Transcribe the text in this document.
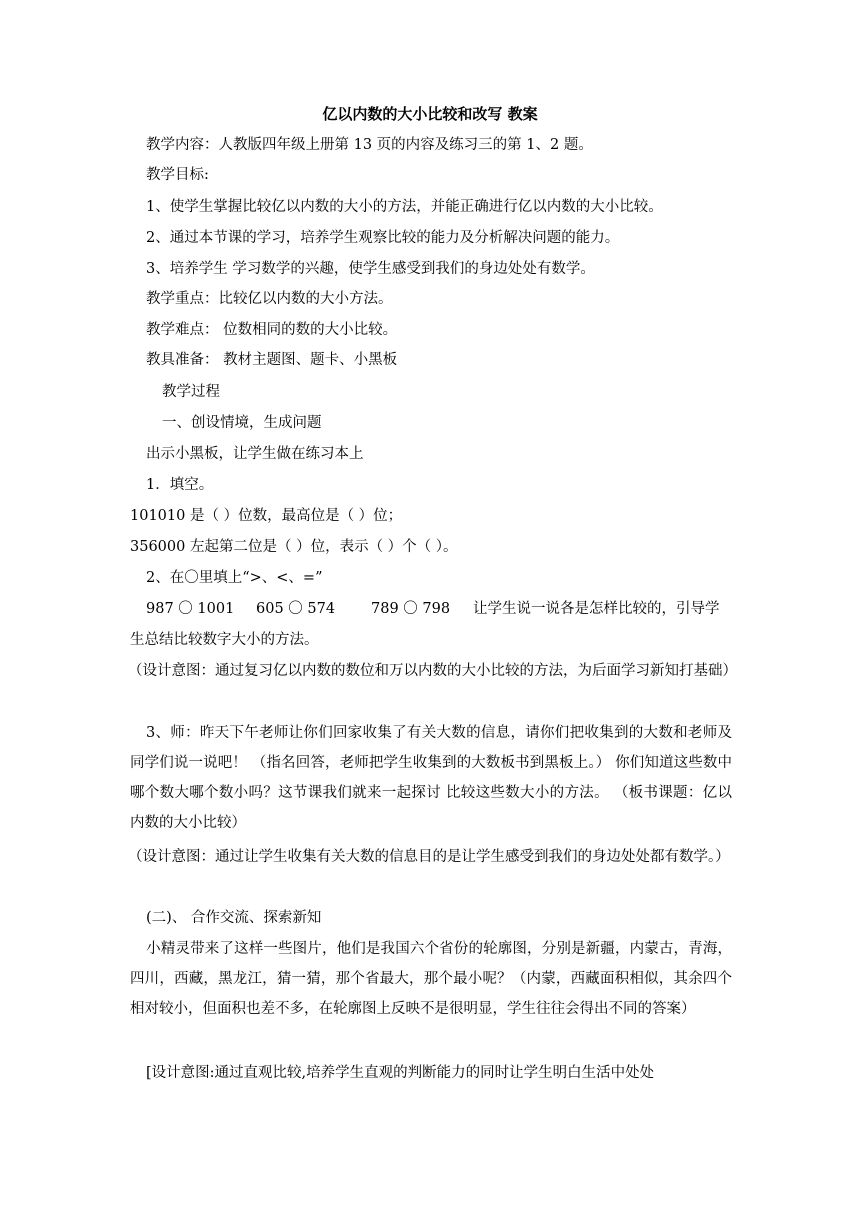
亿以内数的大小比较和改写 教案
教学内容：人教版四年级上册第 13 页的内容及练习三的第 1、2 题。
教学目标:
1、使学生掌握比较亿以内数的大小的方法，并能正确进行亿以内数的大小比较。
2、通过本节课的学习，培养学生观察比较的能力及分析解决问题的能力。
3、培养学生 学习数学的兴趣，使学生感受到我们的身边处处有数学。
教学重点：比较亿以内数的大小方法。
教学难点： 位数相同的数的大小比较。
教具准备： 教材主题图、题卡、小黑板
教学过程
一、创设情境，生成问题
出示小黑板，让学生做在练习本上
1．填空。
101010 是（ ）位数，最高位是（ ）位；
356000 左起第二位是（ ）位，表示（ ）个（ ）。
2、在〇里填上“>、<、=”
987 〇 1001 605 〇 574 789 〇 798 让学生说一说各是怎样比较的，引导学
生总结比较数字大小的方法。
（设计意图：通过复习亿以内数的数位和万以内数的大小比较的方法，为后面学习新知打基础）
3、师：昨天下午老师让你们回家收集了有关大数的信息，请你们把收集到的大数和老师及同学们说一说吧！ （指名回答，老师把学生收集到的大数板书到黑板上。） 你们知道这些数中哪个数大哪个数小吗？这节课我们就来一起探讨 比较这些数大小的方法。 （板书课题：亿以内数的大小比较）
（设计意图：通过让学生收集有关大数的信息目的是让学生感受到我们的身边处处都有数学。）
(二)、 合作交流、探索新知
小精灵带来了这样一些图片，他们是我国六个省份的轮廓图，分别是新疆，内蒙古，青海，四川，西藏，黑龙江，猜一猜，那个省最大，那个最小呢？（内蒙，西藏面积相似，其余四个相对较小，但面积也差不多，在轮廓图上反映不是很明显，学生往往会得出不同的答案）
[设计意图:通过直观比较,培养学生直观的判断能力的同时让学生明白生活中处处
